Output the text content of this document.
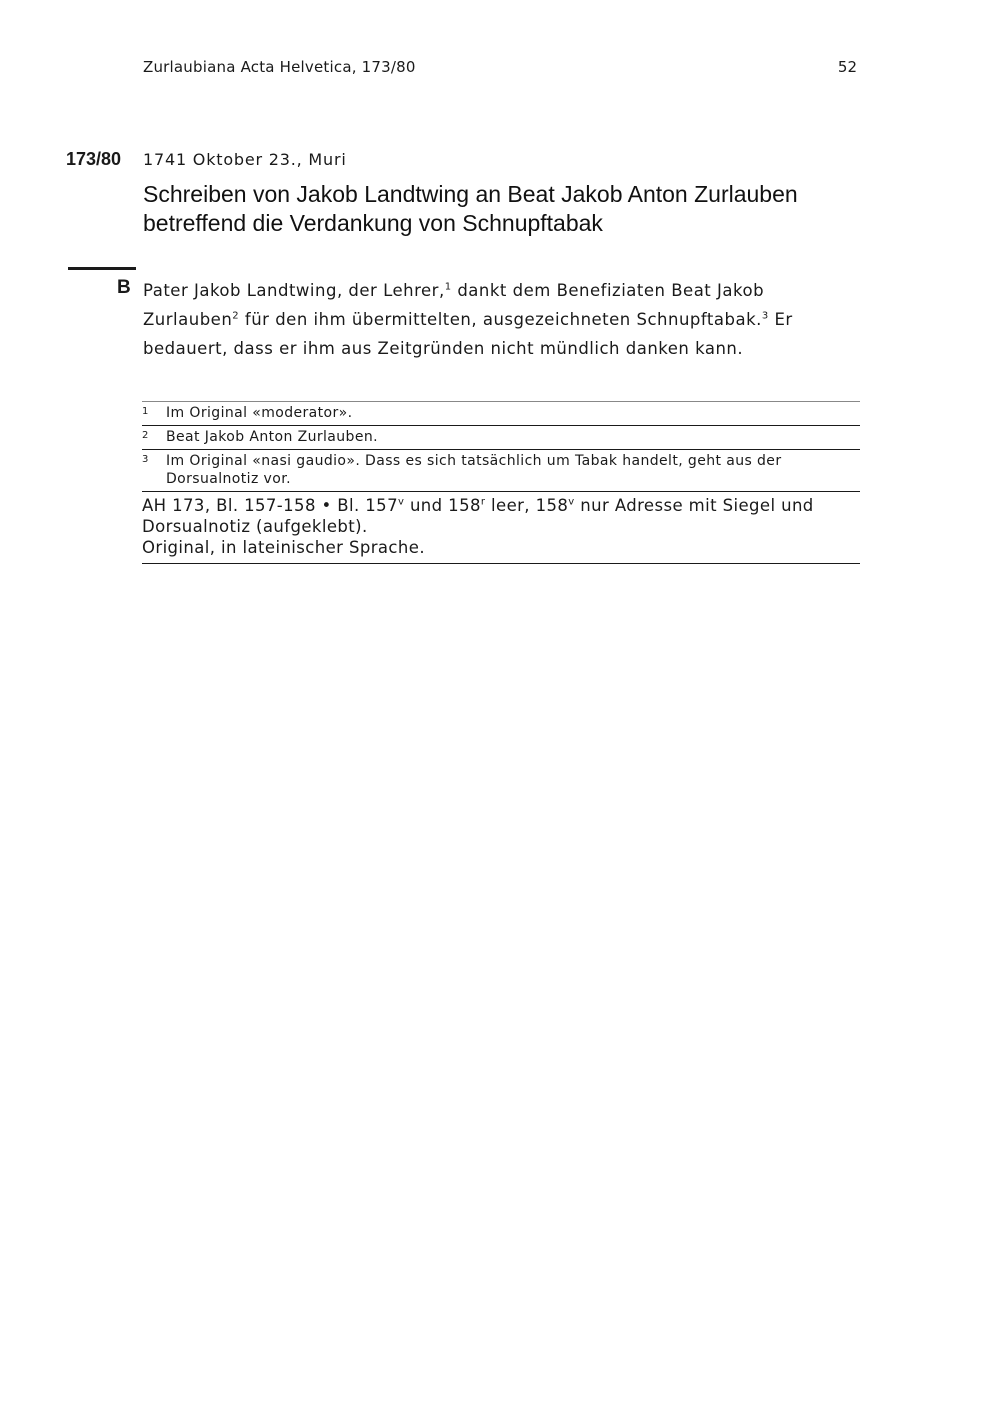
Zurlaubiana Acta Helvetica, 173/80	52
173/80 1741 Oktober 23., Muri
Schreiben von Jakob Landtwing an Beat Jakob Anton Zurlauben betreffend die Verdankung von Schnupftabak
B Pater Jakob Landtwing, der Lehrer,$^1$ dankt dem Benefiziaten Beat Jakob Zurlauben$^2$ für den ihm übermittelten, ausgezeichneten Schnupftabak.$^3$ Er bedauert, dass er ihm aus Zeitgründen nicht mündlich danken kann.
1 Im Original «moderator».
2 Beat Jakob Anton Zurlauben.
3 Im Original «nasi gaudio». Dass es sich tatsächlich um Tabak handelt, geht aus der Dorsualnotiz vor.
AH 173, Bl. 157-158 • Bl. 157$^v$ und 158$^r$ leer, 158$^v$ nur Adresse mit Siegel und Dorsualnotiz (aufgeklebt).
Original, in lateinischer Sprache.
